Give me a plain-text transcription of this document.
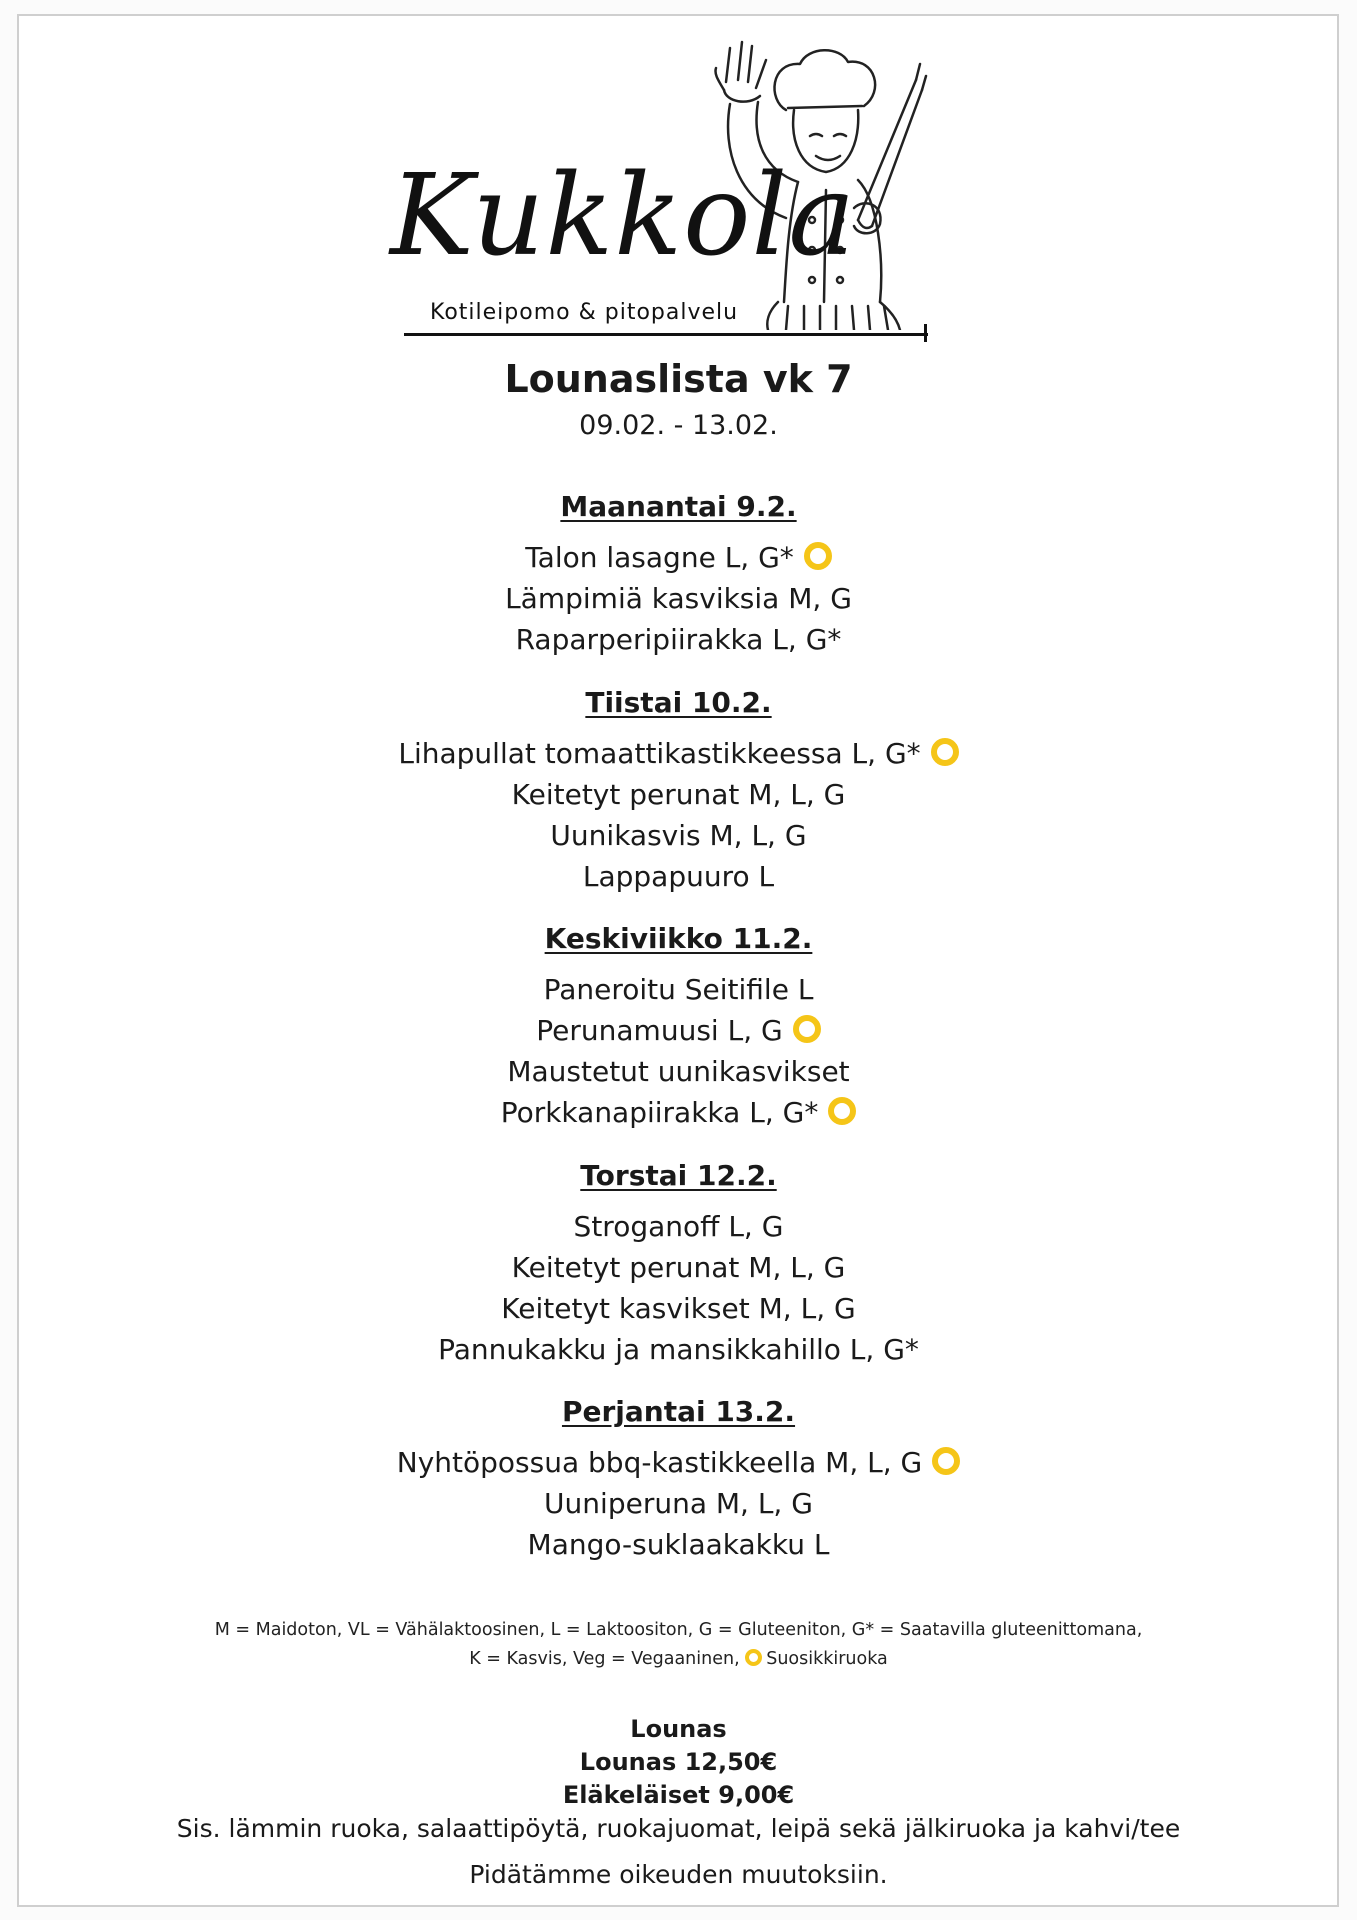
Kukkola
Kotileipomo & pitopalvelu
Lounaslista vk 7
09.02. - 13.02.
Maanantai 9.2.
Talon lasagne L, G*
Lämpimiä kasviksia M, G
Raparperipiirakka L, G*
Tiistai 10.2.
Lihapullat tomaattikastikkeessa L, G*
Keitetyt perunat M, L, G
Uunikasvis M, L, G
Lappapuuro L
Keskiviikko 11.2.
Paneroitu Seitifile L
Perunamuusi L, G
Maustetut uunikasvikset
Porkkanapiirakka L, G*
Torstai 12.2.
Stroganoff L, G
Keitetyt perunat M, L, G
Keitetyt kasvikset M, L, G
Pannukakku ja mansikkahillo L, G*
Perjantai 13.2.
Nyhtöpossua bbq-kastikkeella M, L, G
Uuniperuna M, L, G
Mango-suklaakakku L
M = Maidoton, VL = Vähälaktoosinen, L = Laktoositon, G = Gluteeniton, G* = Saatavilla gluteenittomana,
K = Kasvis, Veg = Vegaaninen, Suosikkiruoka
Lounas
Lounas 12,50€
Eläkeläiset 9,00€
Sis. lämmin ruoka, salaattipöytä, ruokajuomat, leipä sekä jälkiruoka ja kahvi/tee
Pidätämme oikeuden muutoksiin.
